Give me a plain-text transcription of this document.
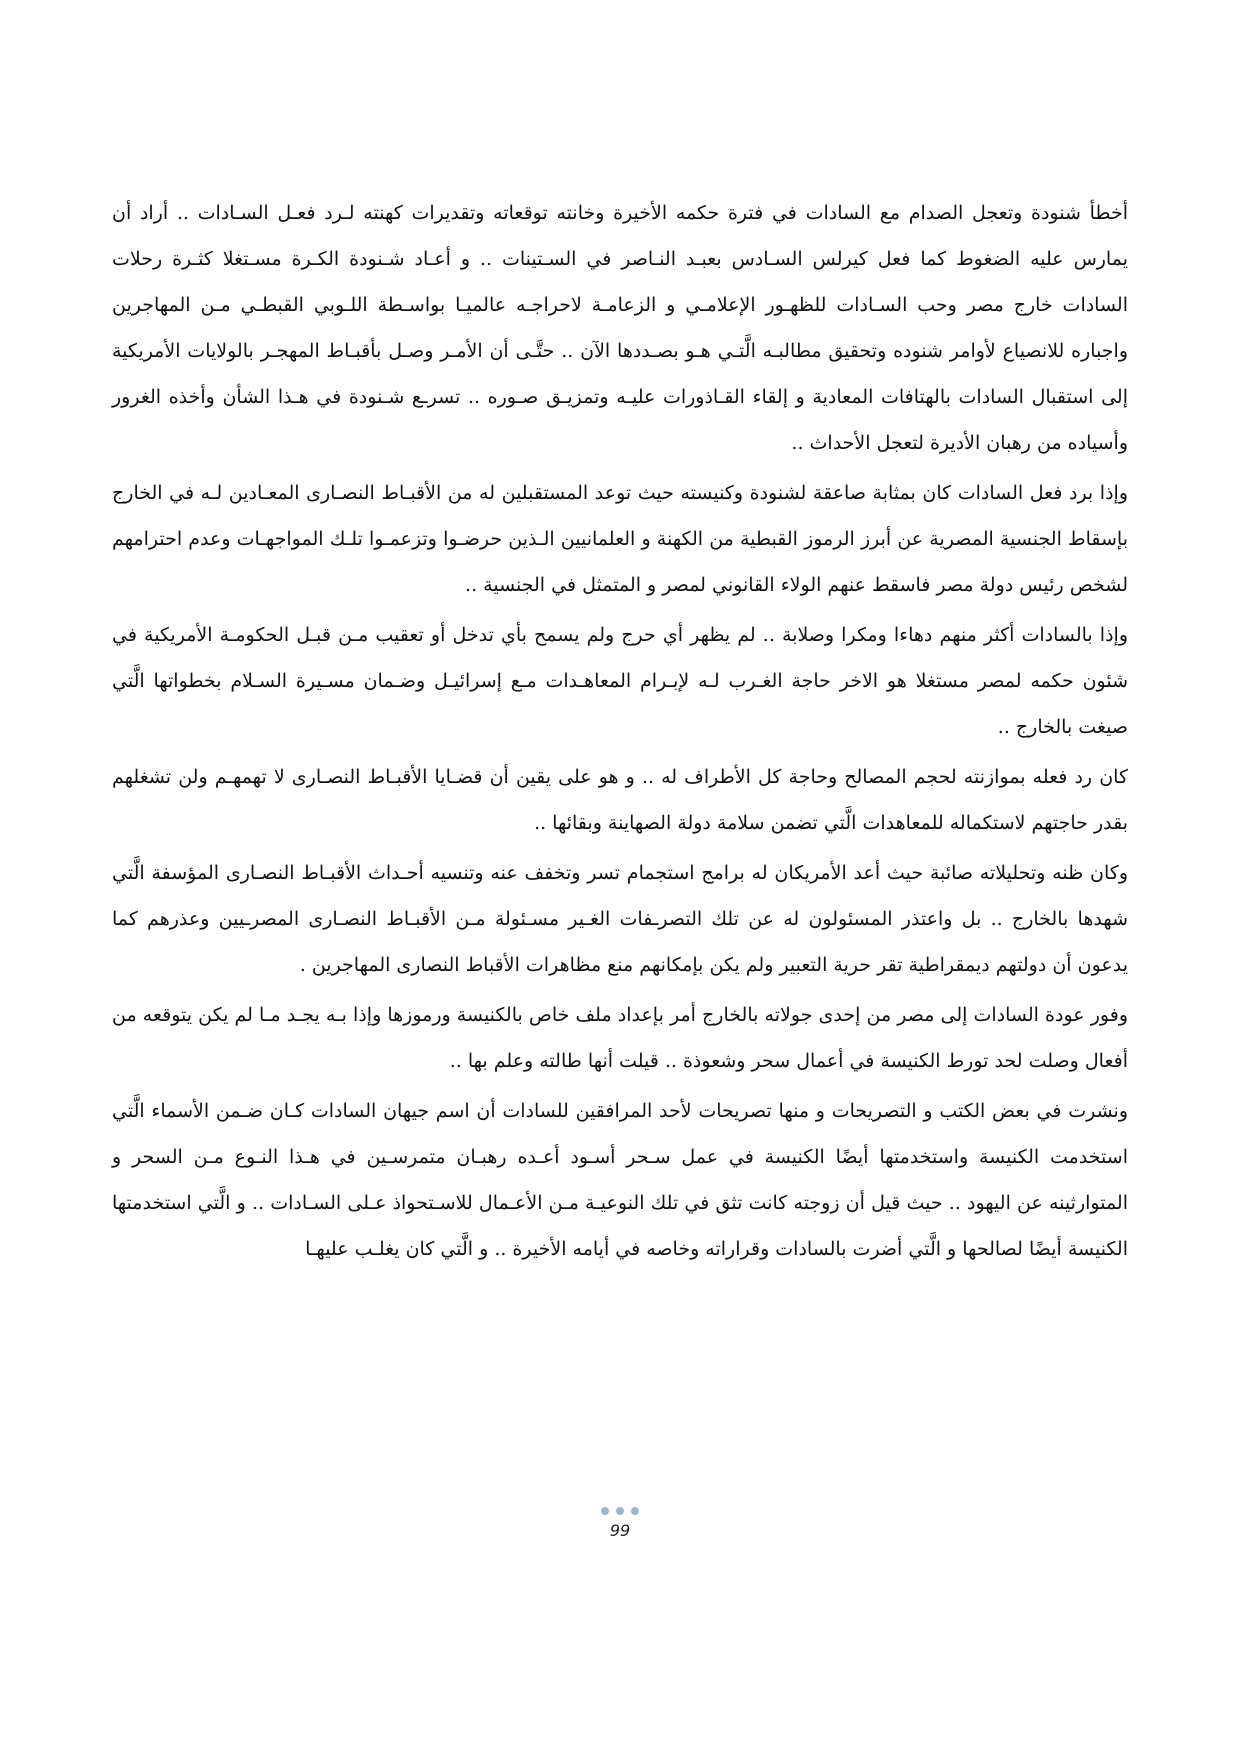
أخطأ شنودة وتعجل الصدام مع السادات في فترة حكمه الأخيرة وخانته توقعاته وتقديرات كهنته لـرد فعـل السـادات .. أراد أن يمارس عليه الضغوط كما فعل كيرلس السـادس بعبـد النـاصر في السـتينات .. و أعـاد شـنودة الكـرة مسـتغلا كثـرة رحلات السادات خارج مصر وحب السـادات للظهـور الإعلامـي و الزعامـة لاحراجـه عالميـا بواسـطة اللـوبي القبطـي مـن المهاجرين واجباره للانصياع لأوامر شنوده وتحقيق مطالبـه الَّتـي هـو بصـددها الآن .. حتَّـى أن الأمـر وصـل بأقبـاط المهجـر بالولايات الأمريكية إلى استقبال السادات بالهتافات المعادية و إلقاء القـاذورات عليـه وتمزيـق صـوره .. تسرـع شـنودة في هـذا الشأن وأخذه الغرور وأسياده من رهبان الأديرة لتعجل الأحداث ..

وإذا برد فعل السادات كان بمثابة صاعقة لشنودة وكنيسته حيث توعد المستقبلين له من الأقبـاط النصـارى المعـادين لـه في الخارج بإسقاط الجنسية المصرية عن أبرز الرموز القبطية من الكهنة و العلمانيين الـذين حرضـوا وتزعمـوا تلـك المواجهـات وعدم احترامهم لشخص رئيس دولة مصر فاسقط عنهم الولاء القانوني لمصر و المتمثل في الجنسية ..

وإذا بالسادات أكثر منهم دهاءا ومكرا وصلابة .. لم يظهر أي حرج ولم يسمح بأي تدخل أو تعقيب مـن قبـل الحكومـة الأمريكية في شئون حكمه لمصر مستغلا هو الاخر حاجة الغـرب لـه لإبـرام المعاهـدات مـع إسرائيـل وضـمان مسـيرة السـلام بخطواتها الَّتي صيغت بالخارج ..

كان رد فعله بموازنته لحجم المصالح وحاجة كل الأطراف له .. و هو على يقين أن قضـايا الأقبـاط النصـارى لا تهمهـم ولن تشغلهم بقدر حاجتهم لاستكماله للمعاهدات الَّتي تضمن سلامة دولة الصهاينة وبقائها ..

وكان ظنه وتحليلاته صائبة حيث أعد الأمريكان له برامج استجمام تسر وتخفف عنه وتنسيه أحـداث الأقبـاط النصـارى المؤسفة الَّتي شهدها بالخارج .. بل واعتذر المسئولون له عن تلك التصرـفات الغـير مسـئولة مـن الأقبـاط النصـارى المصرـيين وعذرهم كما يدعون أن دولتهم ديمقراطية تقر حرية التعبير ولم يكن بإمكانهم منع مظاهرات الأقباط النصارى المهاجرين .

وفور عودة السادات إلى مصر من إحدى جولاته بالخارج أمر بإعداد ملف خاص بالكنيسة ورموزها وإذا بـه يجـد مـا لم يكن يتوقعه من أفعال وصلت لحد تورط الكنيسة في أعمال سحر وشعوذة .. قيلت أنها طالته وعلم بها ..

ونشرت في بعض الكتب و التصريحات و منها تصريحات لأحد المرافقين للسادات أن اسم جيهان السادات كـان ضـمن الأسماء الَّتي استخدمت الكنيسة واستخدمتها أيضًا الكنيسة في عمل سـحر أسـود أعـده رهبـان متمرسـين في هـذا النـوع مـن السحر و المتوارثينه عن اليهود .. حيث قيل أن زوجته كانت تثق في تلك النوعيـة مـن الأعـمال للاسـتحواذ عـلى السـادات .. و الَّتي استخدمتها الكنيسة أيضًا لصالحها و الَّتي أضرت بالسادات وقراراته وخاصه في أيامه الأخيرة .. و الَّتي كان يغلـب عليهـا

99
